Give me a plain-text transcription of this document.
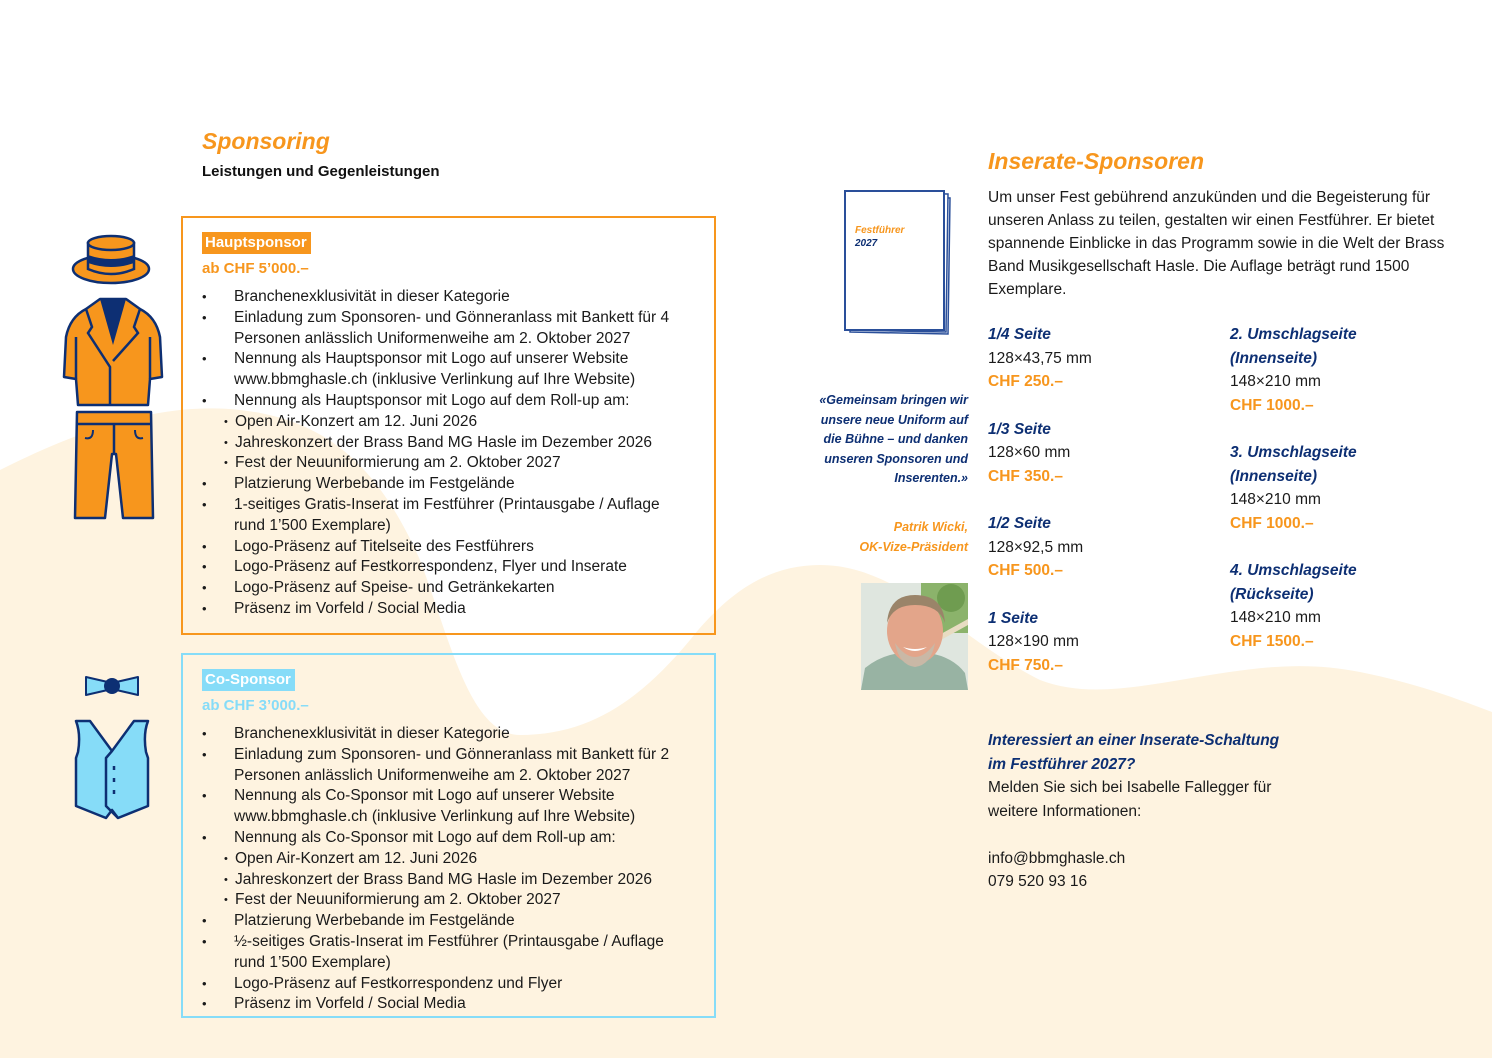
Sponsoring
Leistungen und Gegenleistungen
Hauptsponsor
ab CHF 5’000.–
• Branchenexklusivität in dieser Kategorie
• Einladung zum Sponsoren- und Gönneranlass mit Bankett für 4 Personen anlässlich Uniformenweihe am 2. Oktober 2027
• Nennung als Hauptsponsor mit Logo auf unserer Website www.bbmghasle.ch (inklusive Verlinkung auf Ihre Website)
• Nennung als Hauptsponsor mit Logo auf dem Roll-up am:
• Open Air-Konzert am 12. Juni 2026
• Jahreskonzert der Brass Band MG Hasle im Dezember 2026
• Fest der Neuuniformierung am 2. Oktober 2027
• Platzierung Werbebande im Festgelände
• 1-seitiges Gratis-Inserat im Festführer (Printausgabe / Auflage rund 1’500 Exemplare)
• Logo-Präsenz auf Titelseite des Festführers
• Logo-Präsenz auf Festkorrespondenz, Flyer und Inserate
• Logo-Präsenz auf Speise- und Getränkekarten
• Präsenz im Vorfeld / Social Media
Co-Sponsor
ab CHF 3’000.–
• Branchenexklusivität in dieser Kategorie
• Einladung zum Sponsoren- und Gönneranlass mit Bankett für 2 Personen anlässlich Uniformenweihe am 2. Oktober 2027
• Nennung als Co-Sponsor mit Logo auf unserer Website www.bbmghasle.ch (inklusive Verlinkung auf Ihre Website)
• Nennung als Co-Sponsor mit Logo auf dem Roll-up am:
• Open Air-Konzert am 12. Juni 2026
• Jahreskonzert der Brass Band MG Hasle im Dezember 2026
• Fest der Neuuniformierung am 2. Oktober 2027
• Platzierung Werbebande im Festgelände
• ½-seitiges Gratis-Inserat im Festführer (Printausgabe / Auflage rund 1’500 Exemplare)
• Logo-Präsenz auf Festkorrespondenz und Flyer
• Präsenz im Vorfeld / Social Media
Festführer
2027
«Gemeinsam bringen wir unsere neue Uniform auf die Bühne – und danken unseren Sponsoren und Inserenten.»
Patrik Wicki,
OK-Vize-Präsident
Inserate-Sponsoren
Um unser Fest gebührend anzukünden und die Begeisterung für unseren Anlass zu teilen, gestalten wir einen Festführer. Er bietet spannende Einblicke in das Programm sowie in die Welt der Brass Band Musikgesellschaft Hasle. Die Auflage beträgt rund 1500 Exemplare.
1/4 Seite
128×43,75 mm
CHF 250.–
1/3 Seite
128×60 mm
CHF 350.–
1/2 Seite
128×92,5 mm
CHF 500.–
1 Seite
128×190 mm
CHF 750.–
2. Umschlagseite
(Innenseite)
148×210 mm
CHF 1000.–
3. Umschlagseite
(Innenseite)
148×210 mm
CHF 1000.–
4. Umschlagseite
(Rückseite)
148×210 mm
CHF 1500.–
Interessiert an einer Inserate-Schaltung
im Festführer 2027?
Melden Sie sich bei Isabelle Fallegger für
weitere Informationen:
info@bbmghasle.ch
079 520 93 16
